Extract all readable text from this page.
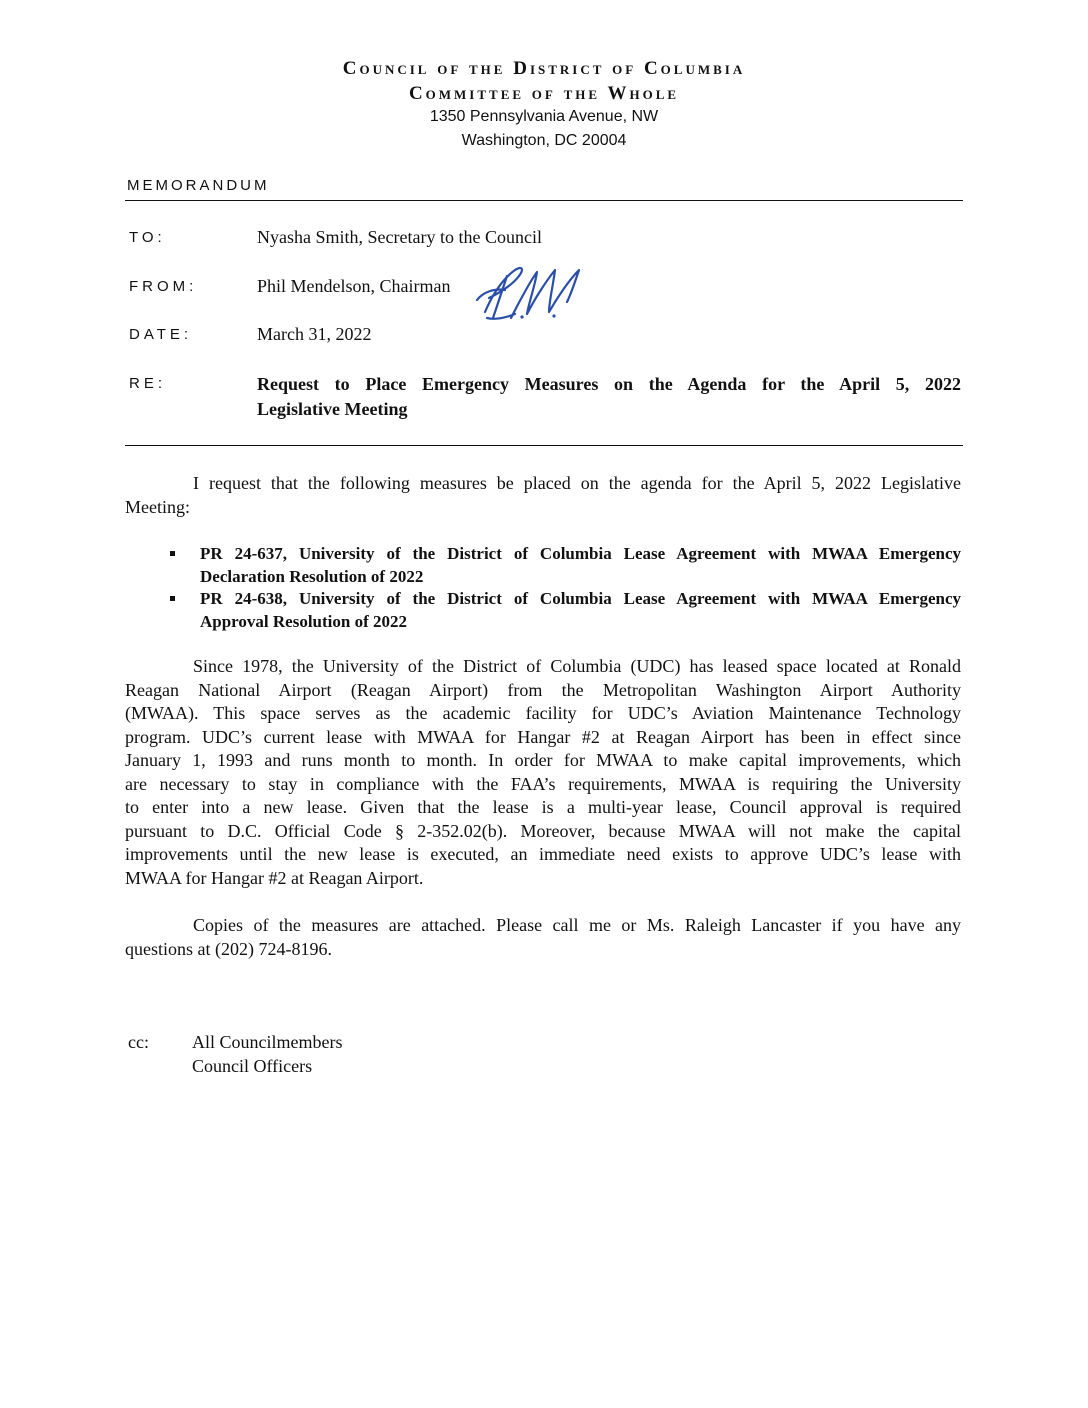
Council of the District of Columbia
Committee of the Whole
1350 Pennsylvania Avenue, NW
Washington, DC 20004
MEMORANDUM
TO:	Nyasha Smith, Secretary to the Council
FROM:	Phil Mendelson, Chairman
DATE:	March 31, 2022
RE:	Request to Place Emergency Measures on the Agenda for the April 5, 2022
Legislative Meeting
I request that the following measures be placed on the agenda for the April 5, 2022 Legislative
Meeting:
PR 24-637, University of the District of Columbia Lease Agreement with MWAA Emergency
Declaration Resolution of 2022
PR 24-638, University of the District of Columbia Lease Agreement with MWAA Emergency
Approval Resolution of 2022
Since 1978, the University of the District of Columbia (UDC) has leased space located at Ronald
Reagan National Airport (Reagan Airport) from the Metropolitan Washington Airport Authority
(MWAA). This space serves as the academic facility for UDC’s Aviation Maintenance Technology
program. UDC’s current lease with MWAA for Hangar #2 at Reagan Airport has been in effect since
January 1, 1993 and runs month to month. In order for MWAA to make capital improvements, which
are necessary to stay in compliance with the FAA’s requirements, MWAA is requiring the University
to enter into a new lease. Given that the lease is a multi-year lease, Council approval is required
pursuant to D.C. Official Code § 2-352.02(b). Moreover, because MWAA will not make the capital
improvements until the new lease is executed, an immediate need exists to approve UDC’s lease with
MWAA for Hangar #2 at Reagan Airport.
Copies of the measures are attached. Please call me or Ms. Raleigh Lancaster if you have any
questions at (202) 724-8196.
cc: All Councilmembers
Council Officers
